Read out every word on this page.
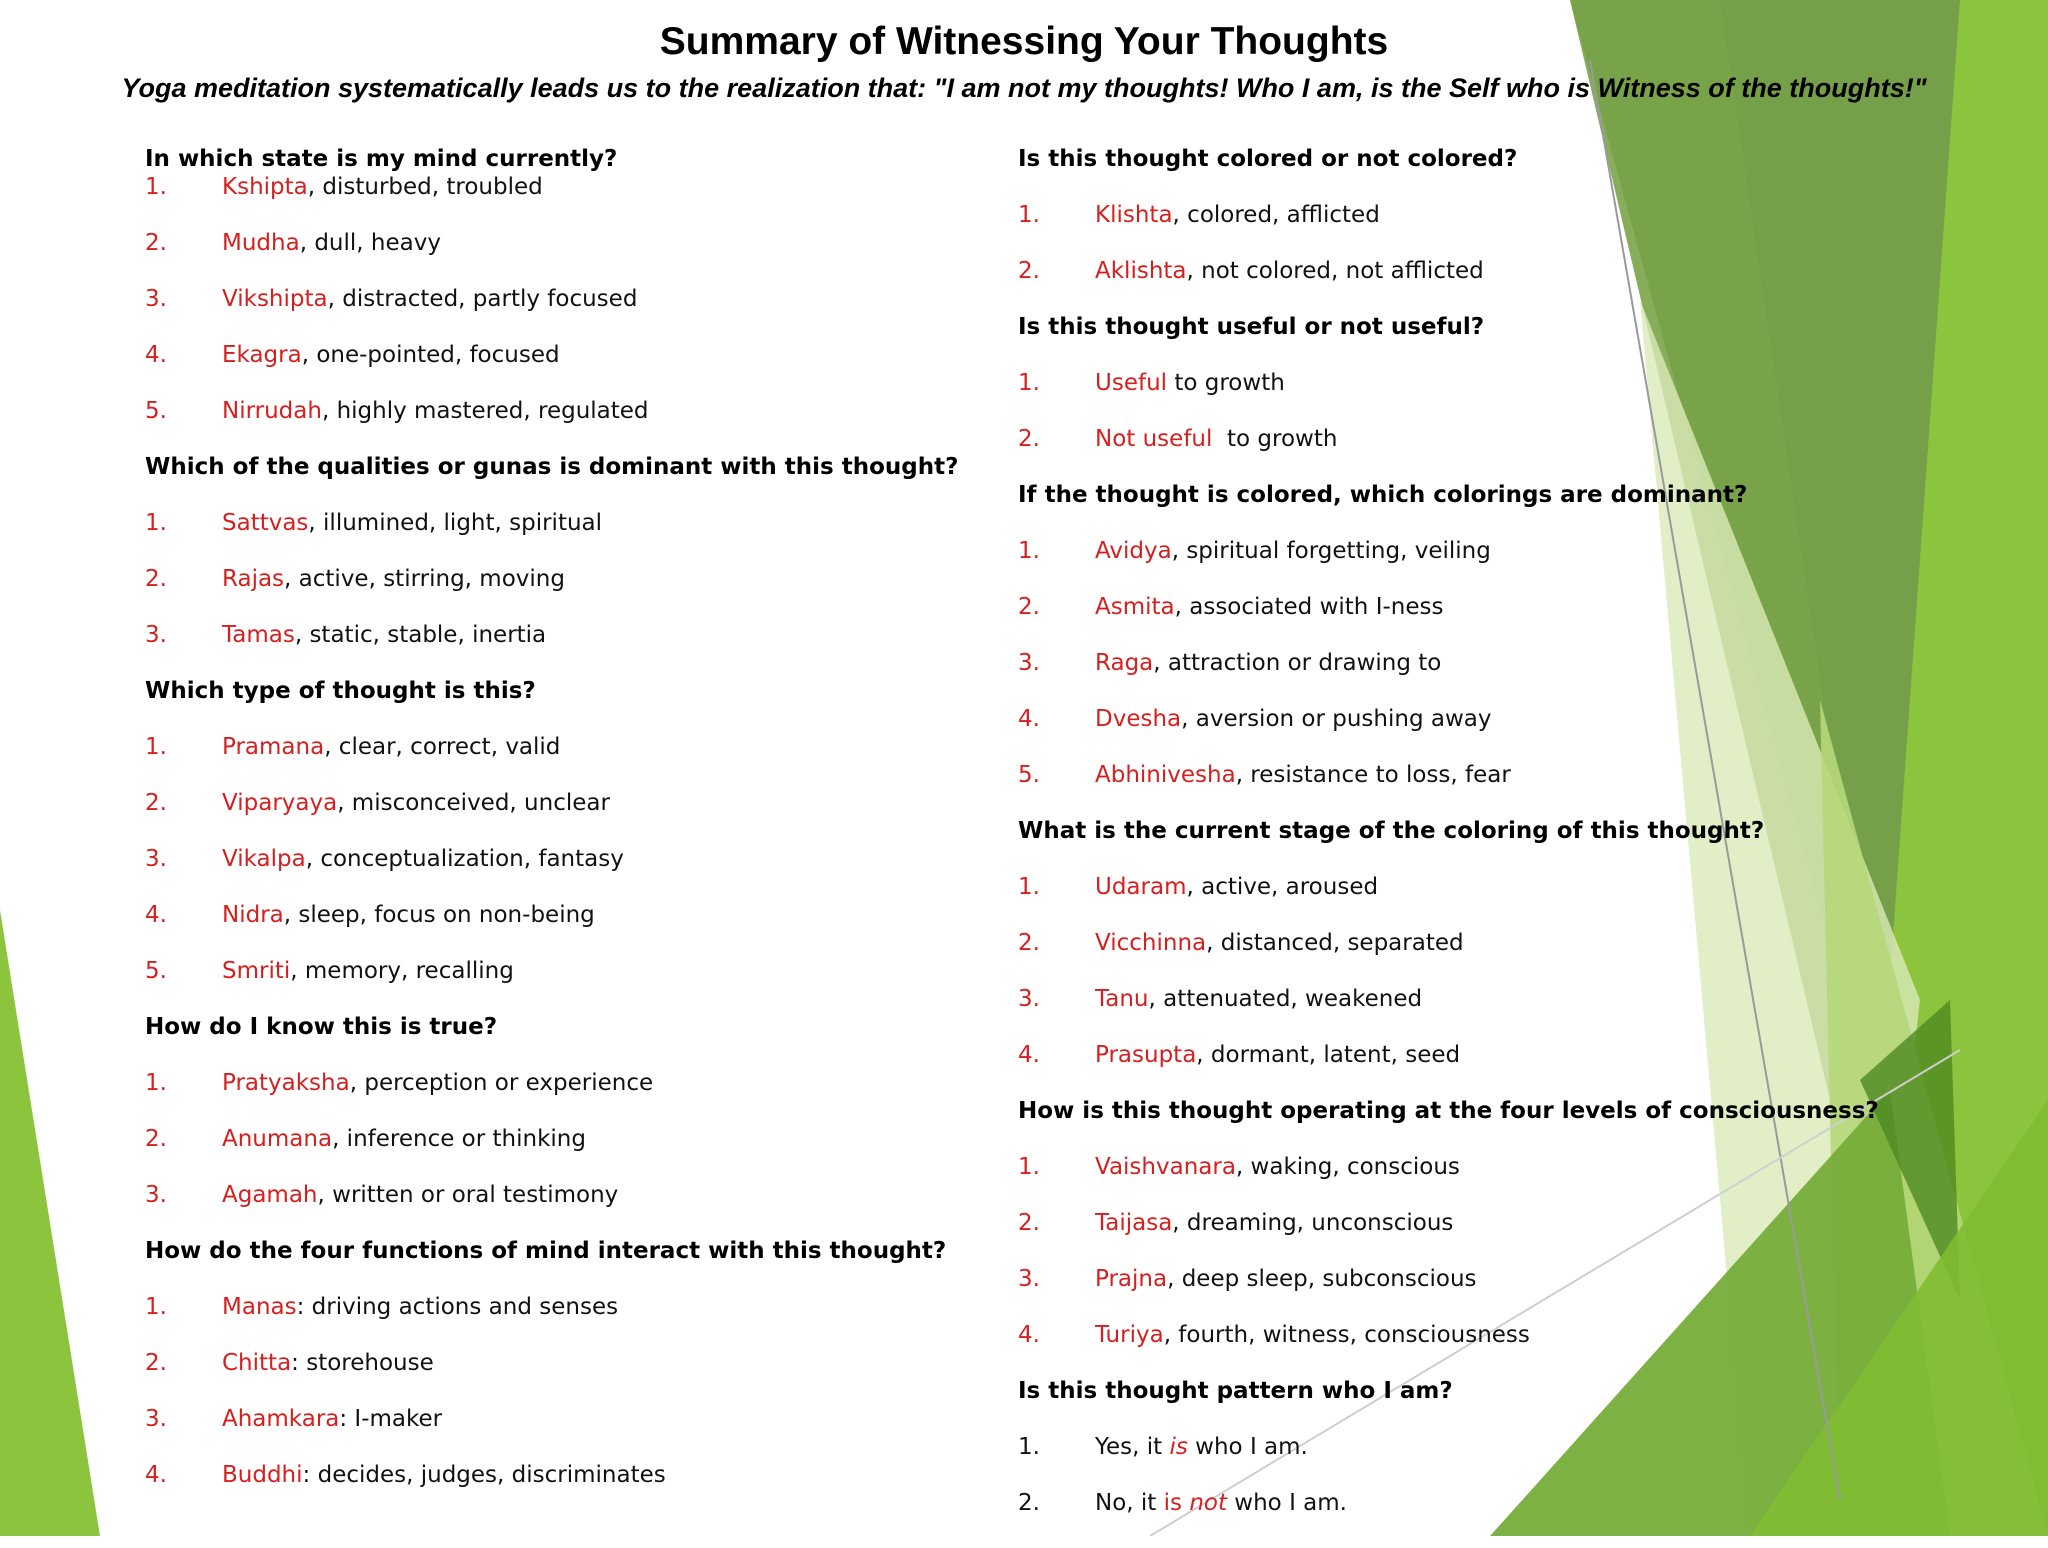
Summary of Witnessing Your Thoughts
Yoga meditation systematically leads us to the realization that: "I am not my thoughts! Who I am, is the Self who is Witness of the thoughts!"
In which state is my mind currently?
1. Kshipta, disturbed, troubled
2. Mudha, dull, heavy
3. Vikshipta, distracted, partly focused
4. Ekagra, one-pointed, focused
5. Nirrudah, highly mastered, regulated
Which of the qualities or gunas is dominant with this thought?
1. Sattvas, illumined, light, spiritual
2. Rajas, active, stirring, moving
3. Tamas, static, stable, inertia
Which type of thought is this?
1. Pramana, clear, correct, valid
2. Viparyaya, misconceived, unclear
3. Vikalpa, conceptualization, fantasy
4. Nidra, sleep, focus on non-being
5. Smriti, memory, recalling
How do I know this is true?
1. Pratyaksha, perception or experience
2. Anumana, inference or thinking
3. Agamah, written or oral testimony
How do the four functions of mind interact with this thought?
1. Manas: driving actions and senses
2. Chitta: storehouse
3. Ahamkara: I-maker
4. Buddhi: decides, judges, discriminates
Is this thought colored or not colored?
1. Klishta, colored, afflicted
2. Aklishta, not colored, not afflicted
Is this thought useful or not useful?
1. Useful to growth
2. Not useful  to growth
If the thought is colored, which colorings are dominant?
1. Avidya, spiritual forgetting, veiling
2. Asmita, associated with I-ness
3. Raga, attraction or drawing to
4. Dvesha, aversion or pushing away
5. Abhinivesha, resistance to loss, fear
What is the current stage of the coloring of this thought?
1. Udaram, active, aroused
2. Vicchinna, distanced, separated
3. Tanu, attenuated, weakened
4. Prasupta, dormant, latent, seed
How is this thought operating at the four levels of consciousness?
1. Vaishvanara, waking, conscious
2. Taijasa, dreaming, unconscious
3. Prajna, deep sleep, subconscious
4. Turiya, fourth, witness, consciousness
Is this thought pattern who I am?
1. Yes, it is who I am.
2. No, it is not who I am.
